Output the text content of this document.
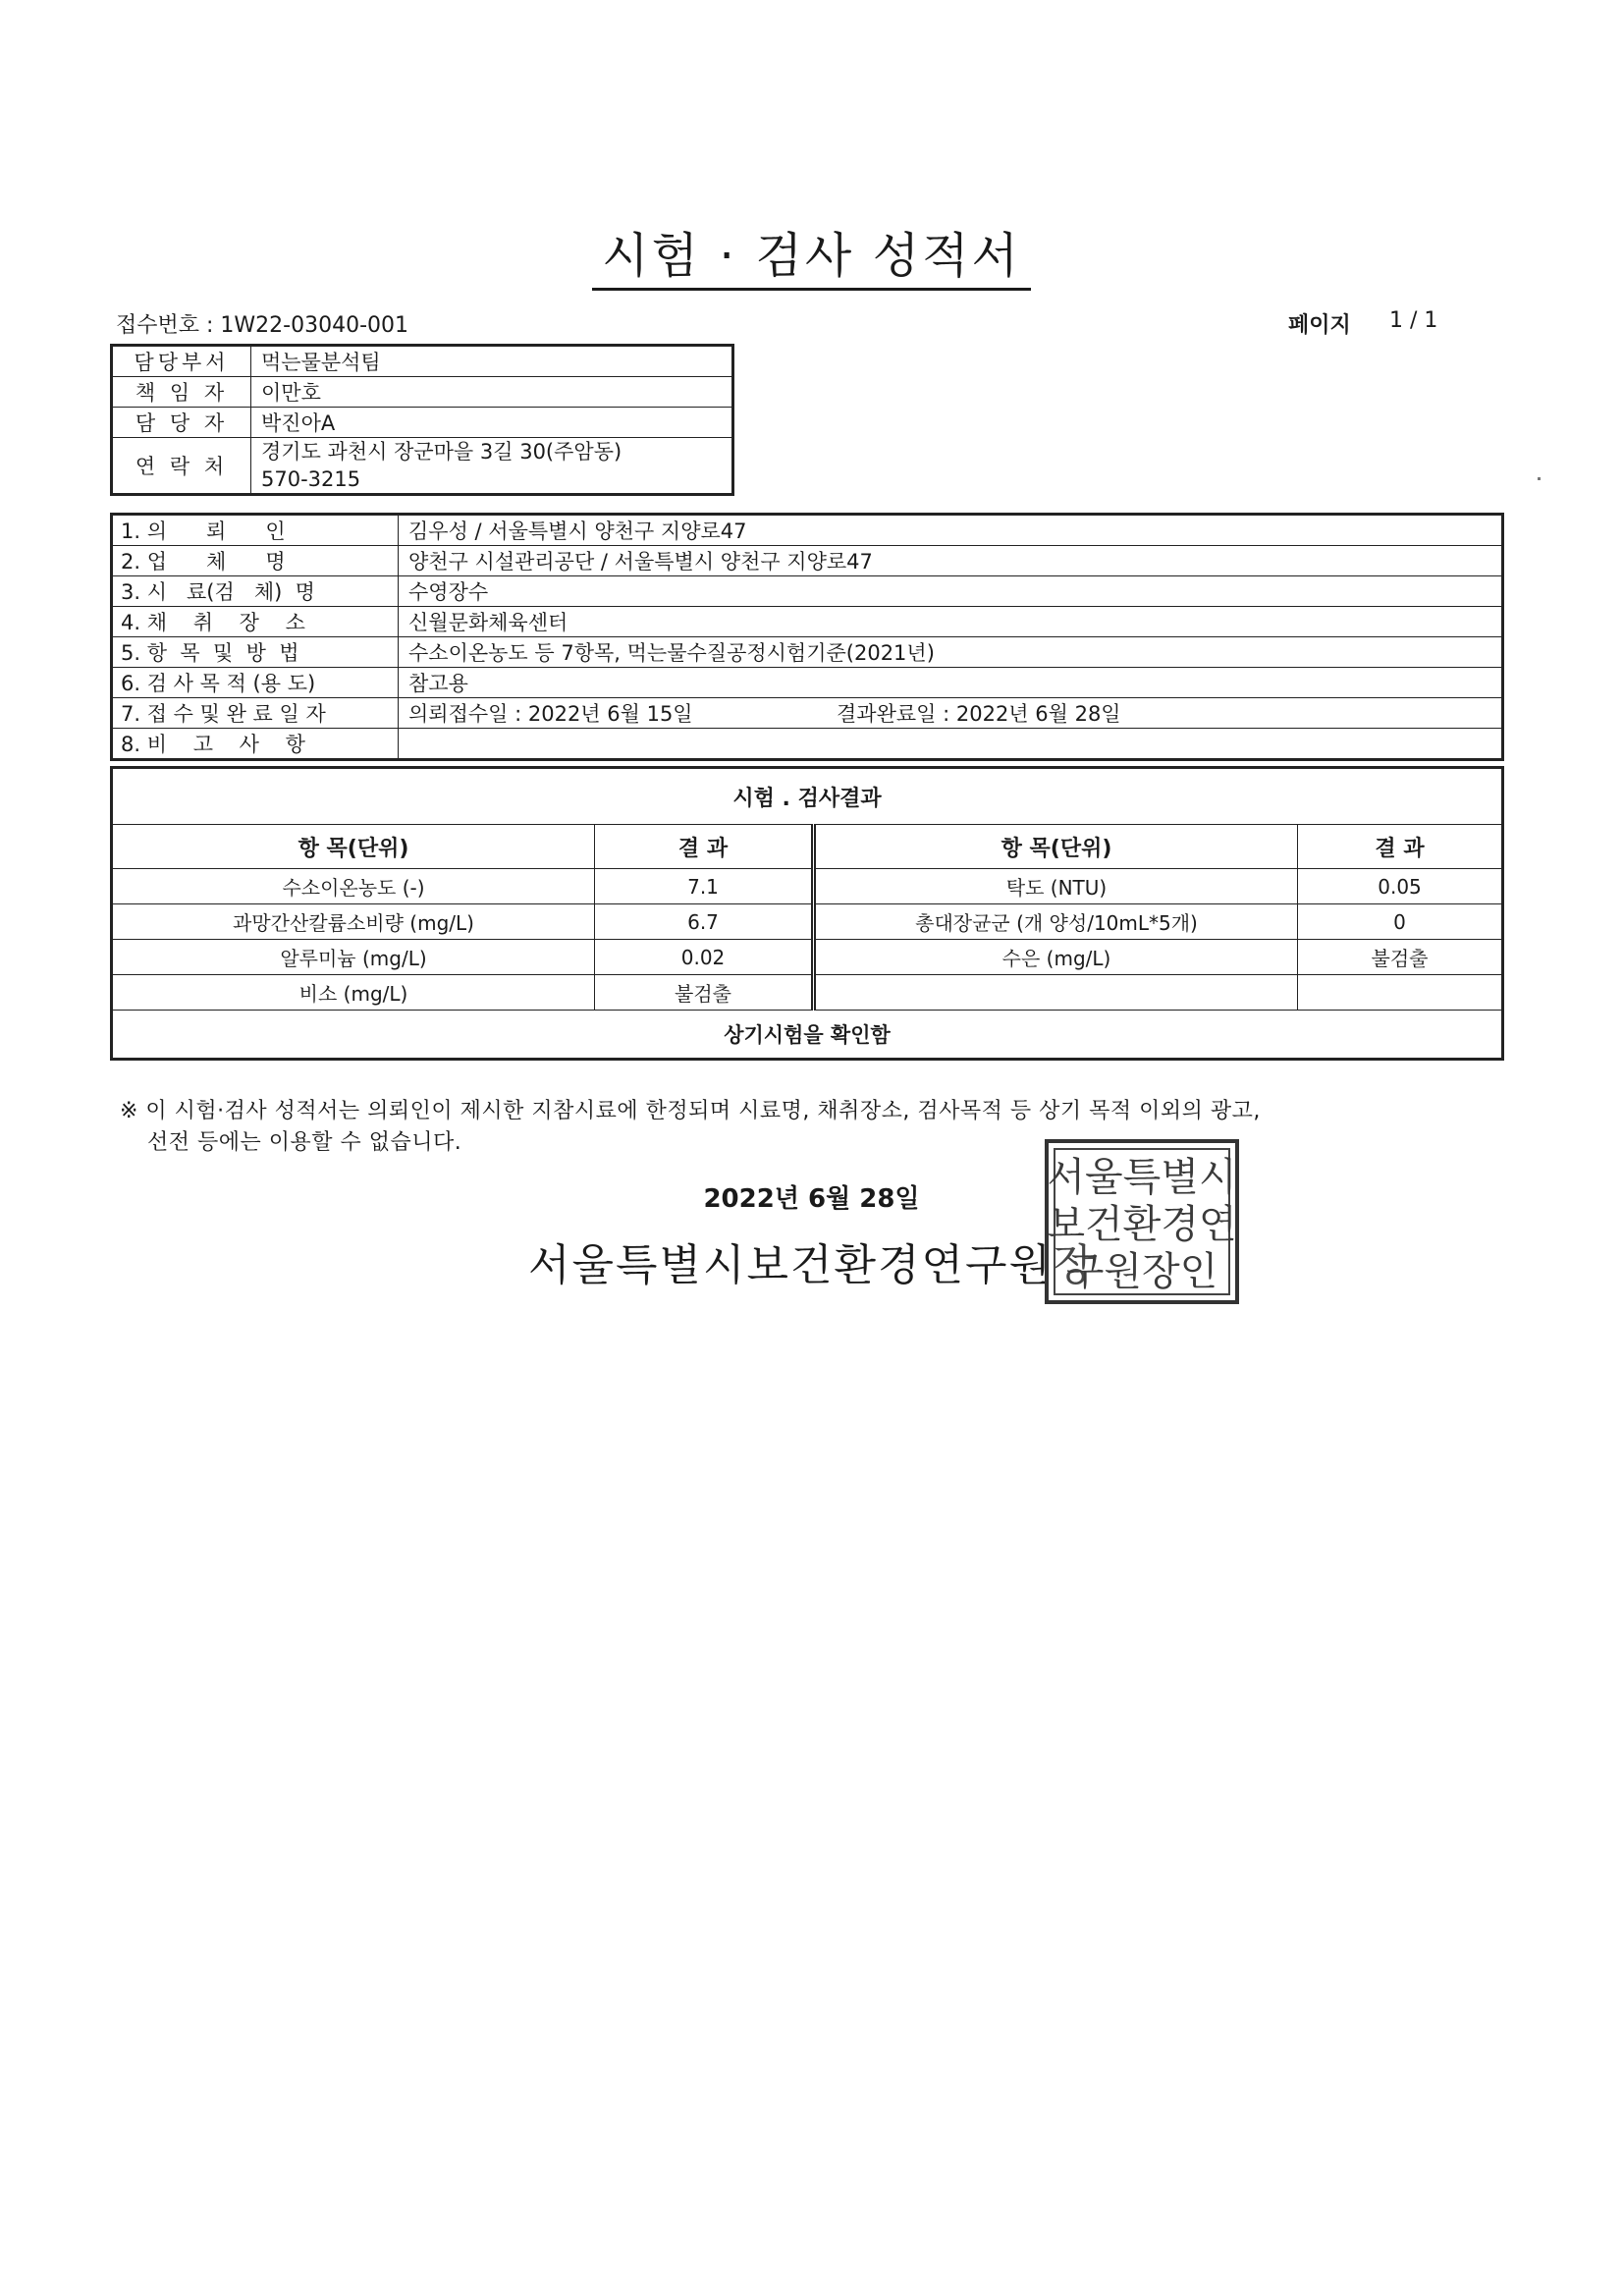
시험 · 검사 성적서
접수번호 : 1W22-03040-001	페이지 1 / 1
담당부서	먹는물분석팀
책 임 자	이만호
담 당 자	박진아A
연 락 처	경기도 과천시 장군마을 3길 30(주암동)
570-3215
1. 의      뢰      인	김우성 / 서울특별시 양천구 지양로47
2. 업      체      명	양천구 시설관리공단 / 서울특별시 양천구 지양로47
3. 시   료(검   체)  명	수영장수
4. 채    취    장    소	신월문화체육센터
5. 항  목  및  방  법	수소이온농도 등 7항목, 먹는물수질공정시험기준(2021년)
6. 검 사 목 적 (용 도)	참고용
7. 접 수 및 완 료 일 자	의뢰접수일 : 2022년 6월 15일 결과완료일 : 2022년 6월 28일
8. 비    고    사    항	
시험 . 검사결과			
항 목(단위)	결 과	항 목(단위)	결 과
수소이온농도 (-)	7.1	탁도 (NTU)	0.05
과망간산칼륨소비량 (mg/L)	6.7	총대장균군 (개 양성/10mL*5개)	0
알루미늄 (mg/L)	0.02	수은 (mg/L)	불검출
비소 (mg/L)	불검출		
상기시험을 확인함			
※ 이 시험·검사 성적서는 의뢰인이 제시한 지참시료에 한정되며 시료명, 채취장소, 검사목적 등 상기 목적 이외의 광고,
선전 등에는 이용할 수 없습니다.
2022년 6월 28일
서울특별시보건환경연구원장
서울특별시
보건환경연
구원장인
